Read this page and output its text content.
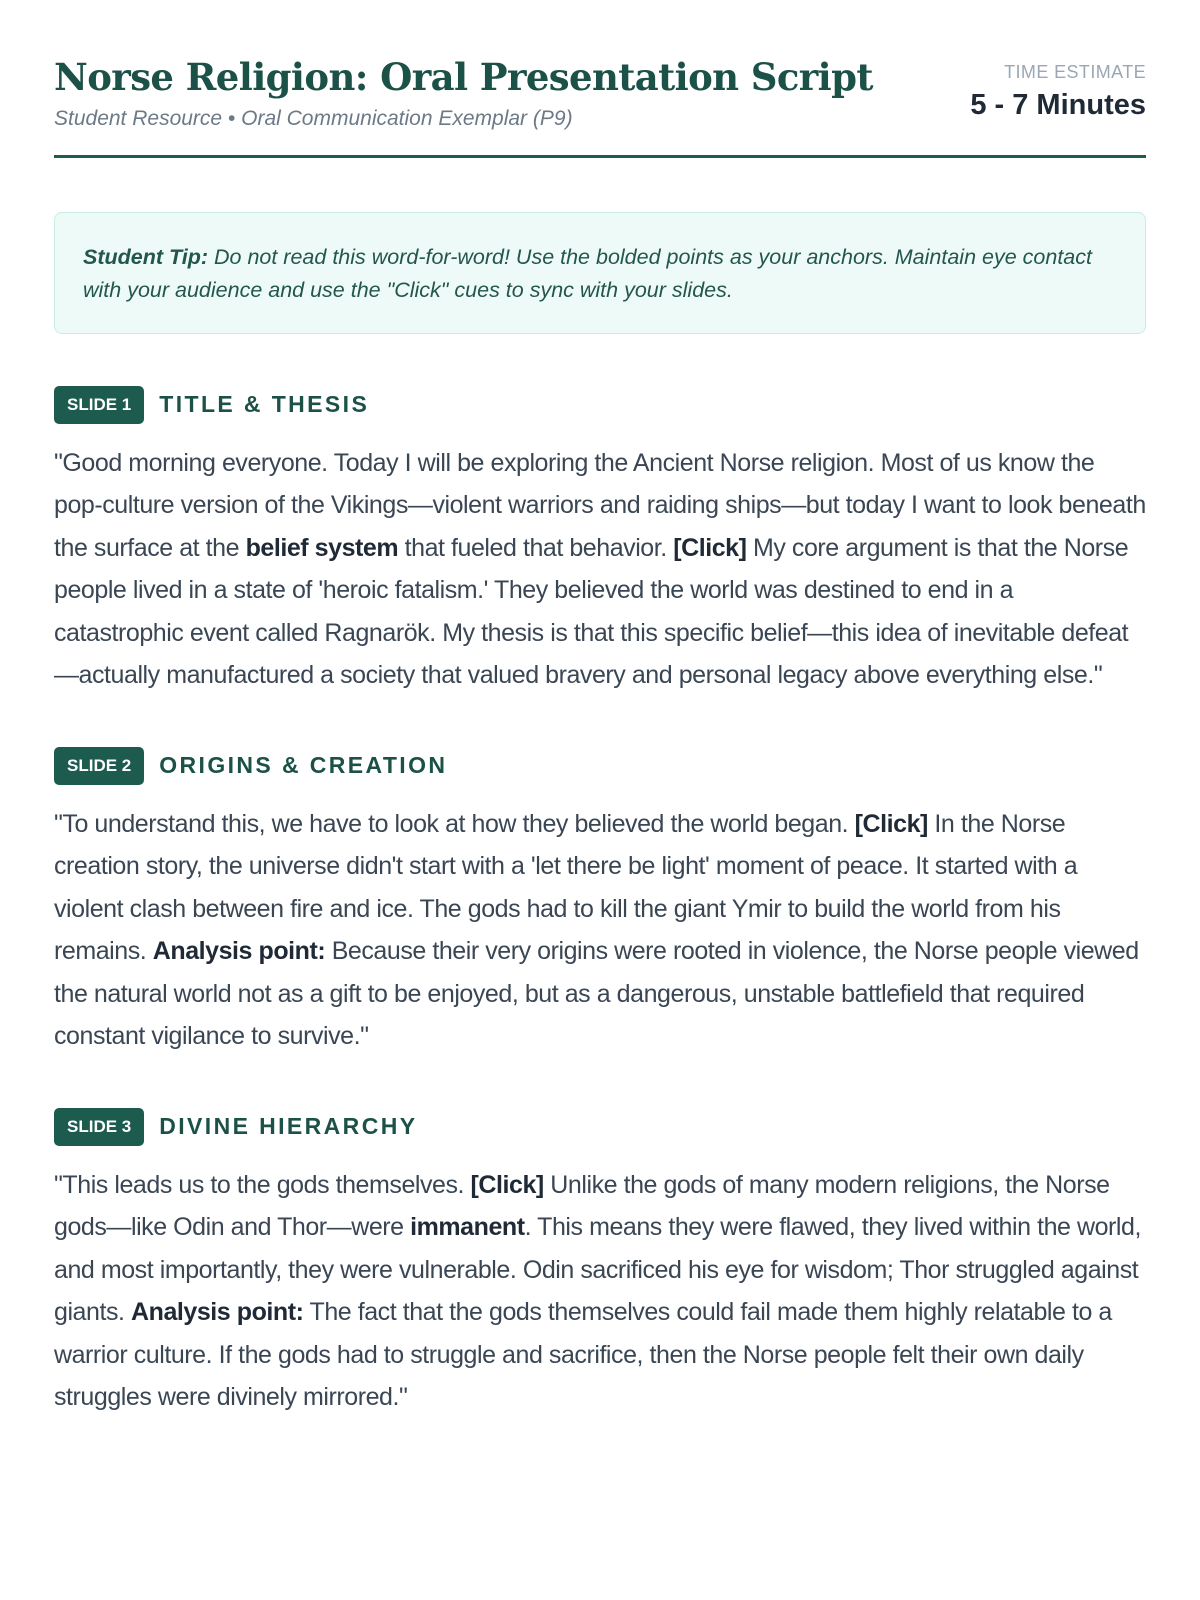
Norse Religion: Oral Presentation Script
Student Resource • Oral Communication Exemplar (P9)
TIME ESTIMATE
5 - 7 Minutes
Student Tip: Do not read this word-for-word! Use the bolded points as your anchors. Maintain eye contact with your audience and use the "Click" cues to sync with your slides.
SLIDE 1	TITLE & THESIS

"Good morning everyone. Today I will be exploring the Ancient Norse religion. Most of us know the pop-culture version of the Vikings—violent warriors and raiding ships—but today I want to look beneath the surface at the belief system that fueled that behavior. [Click] My core argument is that the Norse people lived in a state of 'heroic fatalism.' They believed the world was destined to end in a catastrophic event called Ragnarök. My thesis is that this specific belief—this idea of inevitable defeat—actually manufactured a society that valued bravery and personal legacy above everything else."

SLIDE 2	ORIGINS & CREATION

"To understand this, we have to look at how they believed the world began. [Click] In the Norse creation story, the universe didn't start with a 'let there be light' moment of peace. It started with a violent clash between fire and ice. The gods had to kill the giant Ymir to build the world from his remains. Analysis point: Because their very origins were rooted in violence, the Norse people viewed the natural world not as a gift to be enjoyed, but as a dangerous, unstable battlefield that required constant vigilance to survive."

SLIDE 3	DIVINE HIERARCHY

"This leads us to the gods themselves. [Click] Unlike the gods of many modern religions, the Norse gods—like Odin and Thor—were immanent. This means they were flawed, they lived within the world, and most importantly, they were vulnerable. Odin sacrificed his eye for wisdom; Thor struggled against giants. Analysis point: The fact that the gods themselves could fail made them highly relatable to a warrior culture. If the gods had to struggle and sacrifice, then the Norse people felt their own daily struggles were divinely mirrored."
